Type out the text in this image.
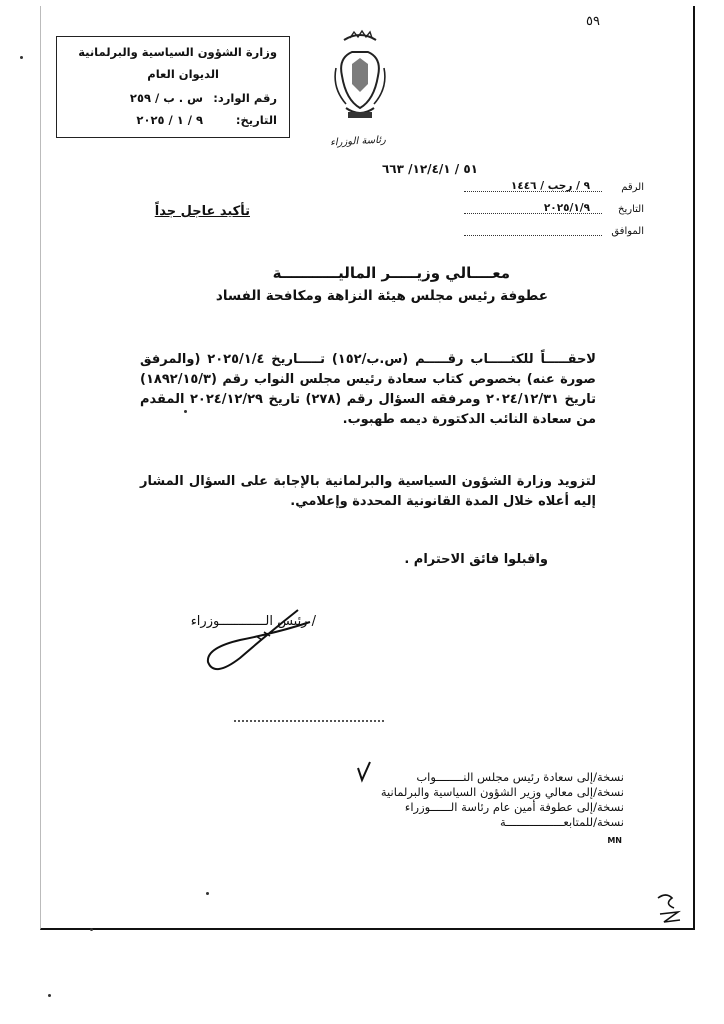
٥٩
وزارة الشؤون السياسية والبرلمانية
الديوان العام
رقم الوارد:
س . ب / ٢٥٩
التاريخ:
٩ / ١ / ٢٠٢٥
رئاسة الوزراء
٥١ / ١٢/٤/١/ ٦٦٣
الرقم
٩ / رجب / ١٤٤٦
التاريخ
٢٠٢٥/١/٩
الموافق
تأكيد عاجل جداً
معــــالي وزيـــــر الماليـــــــــــة
عطوفة رئيس مجلس هيئة النزاهة ومكافحة الفساد
لاحقـــــاً للكتـــــاب رقـــــم (س.ب/١٥٢) تـــــاريخ ٢٠٢٥/١/٤ (والمرفق صورة عنه) بخصوص كتاب سعادة رئيس مجلس النواب رقم (١٨٩٢/١٥/٣) تاريخ ٢٠٢٤/١٢/٣١ ومرفقه السؤال رقم (٢٧٨) تاريخ ٢٠٢٤/١٢/٢٩ المقدم من سعادة النائب الدكتورة ديمه طهبوب.
لتزويد وزارة الشؤون السياسية والبرلمانية بالإجابة على السؤال المشار إليه أعلاه خلال المدة القانونية المحددة وإعلامي.
واقبلوا فائق الاحترام .
/ رئيس الــــــــــــوزراء
نسخة/إلى سعادة رئيس مجلس النــــــــواب
نسخة/إلى معالي وزير الشؤون السياسية والبرلمانية
نسخة/إلى عطوفة أمين عام رئاسة الــــــوزراء
نسخة/للمتابعـــــــــــــــــة
MN
